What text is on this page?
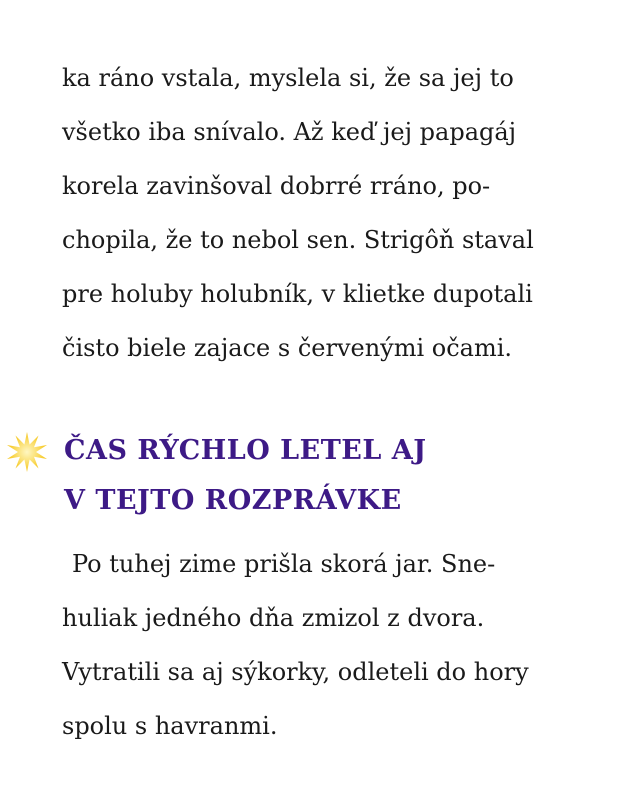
ka ráno vstala, myslela si, že sa jej to
všetko iba snívalo. Až keď jej papagáj
korela zavinšoval dobrré rráno, po-
chopila, že to nebol sen. Strigôň staval
pre holuby holubník, v klietke dupotali
čisto biele zajace s červenými očami.

ČAS RÝCHLO LETEL AJ
V TEJTO ROZPRÁVKE

Po tuhej zime prišla skorá jar. Sne-
huliak jedného dňa zmizol z dvora.
Vytratili sa aj sýkorky, odleteli do hory
spolu s havranmi.
